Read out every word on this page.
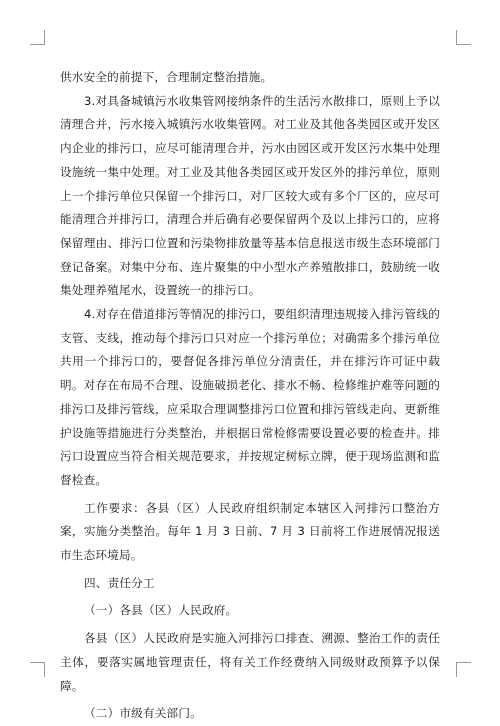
供水安全的前提下，合理制定整治措施。

3.对具备城镇污水收集管网接纳条件的生活污水散排口，原则上予以清理合并，污水接入城镇污水收集管网。对工业及其他各类园区或开发区内企业的排污口，应尽可能清理合并，污水由园区或开发区污水集中处理设施统一集中处理。对工业及其他各类园区或开发区外的排污单位，原则上一个排污单位只保留一个排污口，对厂区较大或有多个厂区的，应尽可能清理合并排污口，清理合并后确有必要保留两个及以上排污口的，应将保留理由、排污口位置和污染物排放量等基本信息报送市级生态环境部门登记备案。对集中分布、连片聚集的中小型水产养殖散排口，鼓励统一收集处理养殖尾水，设置统一的排污口。

4.对存在借道排污等情况的排污口，要组织清理违规接入排污管线的支管、支线，推动每个排污口只对应一个排污单位；对确需多个排污单位共用一个排污口的，要督促各排污单位分清责任，并在排污许可证中载明。对存在布局不合理、设施破损老化、排水不畅、检修维护难等问题的排污口及排污管线，应采取合理调整排污口位置和排污管线走向、更新维护设施等措施进行分类整治，并根据日常检修需要设置必要的检查井。排污口设置应当符合相关规范要求，并按规定树标立牌，便于现场监测和监督检查。

工作要求：各县（区）人民政府组织制定本辖区入河排污口整治方案，实施分类整治。每年 1 月 3 日前、7 月 3 日前将工作进展情况报送市生态环境局。

四、责任分工

（一）各县（区）人民政府。

各县（区）人民政府是实施入河排污口排查、溯源、整治工作的责任主体，要落实属地管理责任，将有关工作经费纳入同级财政预算予以保障。

（二）市级有关部门。
